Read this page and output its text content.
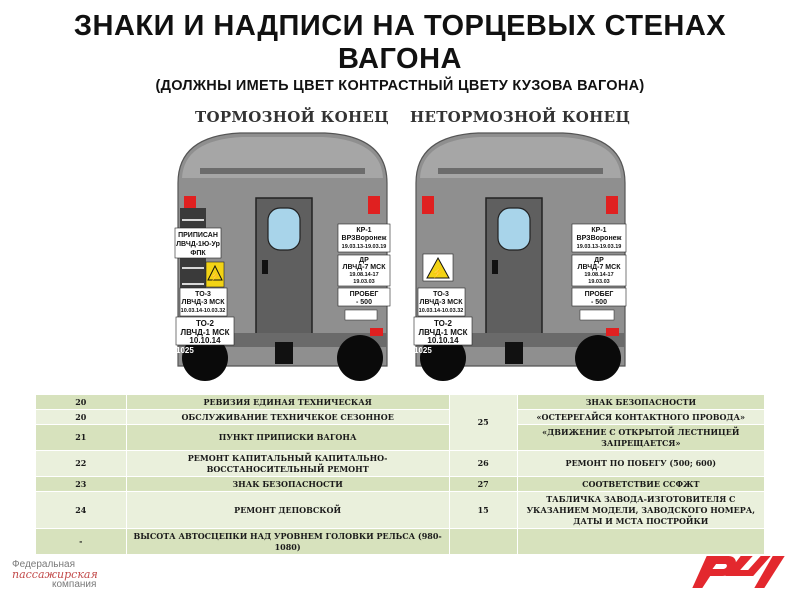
ЗНАКИ И НАДПИСИ НА ТОРЦЕВЫХ СТЕНАХ
ВАГОНА
(ДОЛЖНЫ ИМЕТЬ ЦВЕТ КОНТРАСТНЫЙ ЦВЕТУ КУЗОВА ВАГОНА)
ТОРМОЗНОЙ КОНЕЦ НЕТОРМОЗНОЙ КОНЕЦ
ПРИПИСАН
ЛВЧД-1Ю-Ур
ФПК
⚡
ТО-3
ЛВЧД-3 МСК
10.03.14-10.03.32
ТО-2
ЛВЧД-1 МСК
10.10.14
1025
КР-1
ВРЗВоронеж
19.03.13-19.03.19
ДР
ЛВЧД-7 МСК
19.08.14-17
19.03.03
ПРОБЕГ
- 500
⚡
ТО-3
ЛВЧД-3 МСК
10.03.14-10.03.32
ТО-2
ЛВЧД-1 МСК
10.10.14
1025
КР-1
ВРЗВоронеж
19.03.13-19.03.19
ДР
ЛВЧД-7 МСК
19.08.14-17
19.03.03
ПРОБЕГ
- 500
20	РЕВИЗИЯ ЕДИНАЯ ТЕХНИЧЕСКАЯ	25	ЗНАК БЕЗОПАСНОСТИ
20	ОБСЛУЖИВАНИЕ ТЕХНИЧЕКОЕ СЕЗОННОЕ		«ОСТЕРЕГАЙСЯ КОНТАКТНОГО ПРОВОДА»
21	ПУНКТ ПРИПИСКИ ВАГОНА		«ДВИЖЕНИЕ С ОТКРЫТОЙ ЛЕСТНИЦЕЙ ЗАПРЕЩАЕТСЯ»
22	РЕМОНТ КАПИТАЛЬНЫЙ КАПИТАЛЬНО-ВОССТАНОСИТЕЛЬНЫЙ РЕМОНТ	26	РЕМОНТ ПО ПОБЕГУ (500; 600)
23	ЗНАК БЕЗОПАСНОСТИ	27	СООТВЕТСТВИЕ ССФЖТ
24	РЕМОНТ ДЕПОВСКОЙ	15	ТАБЛИЧКА ЗАВОДА-ИЗГОТОВИТЕЛЯ С УКАЗАНИЕМ МОДЕЛИ, ЗАВОДСКОГО НОМЕРА, ДАТЫ И МСТА ПОСТРОЙКИ
-	ВЫСОТА АВТОСЦЕПКИ НАД УРОВНЕМ ГОЛОВКИ РЕЛЬСА (980-1080)		
Федеральная
пассажирская
компания
